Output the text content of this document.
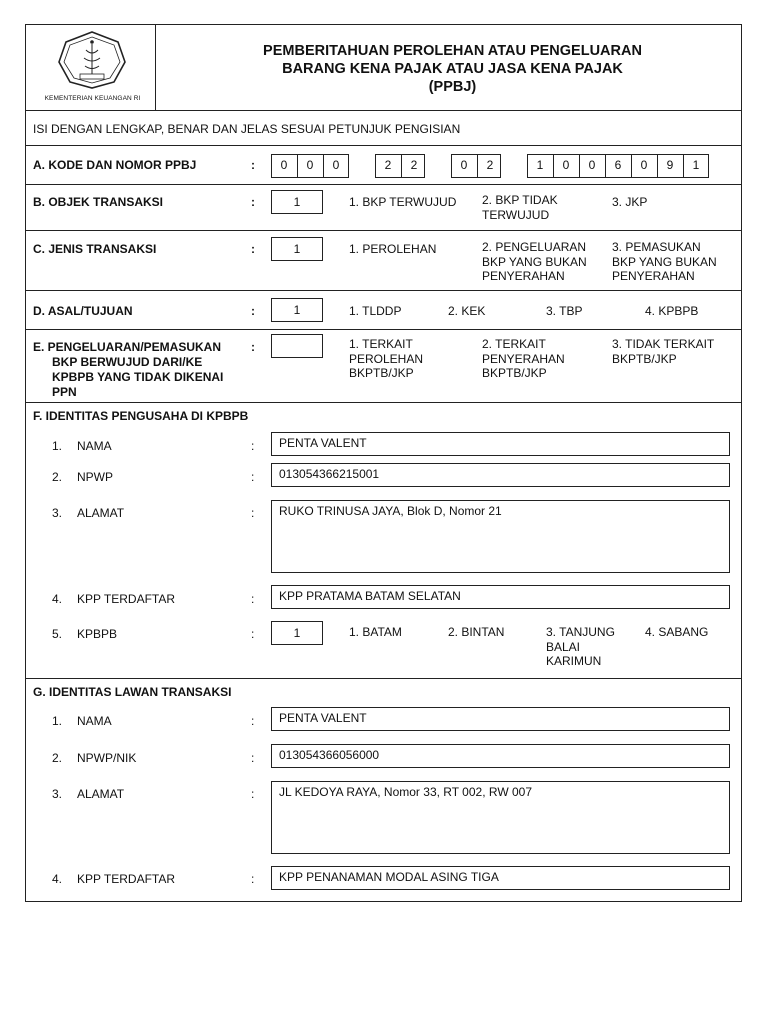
KEMENTERIAN KEUANGAN RI
PEMBERITAHUAN PEROLEHAN ATAU PENGELUARAN
BARANG KENA PAJAK ATAU JASA KENA PAJAK
(PPBJ)
ISI DENGAN LENGKAP, BENAR DAN JELAS SESUAI PETUNJUK PENGISIAN
A. KODE DAN NOMOR PPBJ	:	0	0	0	2	2	0	2	1	0	0	6	0	9	1
B. OBJEK TRANSAKSI	:	1	1. BKP TERWUJUD 2. BKP TIDAK
TERWUJUD
3. JKP
C. JENIS TRANSAKSI	:	1	1. PEROLEHAN	2. PENGELUARAN
BKP YANG BUKAN
PENYERAHAN
3. PEMASUKAN
BKP YANG BUKAN
PENYERAHAN
D. ASAL/TUJUAN	:	1	1. TLDDP	2. KEK	3. TBP	4. KPBPB
E. PENGELUARAN/PEMASUKAN
BKP BERWUJUD DARI/KE
KPBPB YANG TIDAK DIKENAI
PPN
:	1. TERKAIT
PEROLEHAN
BKPTB/JKP
2. TERKAIT
PENYERAHAN
BKPTB/JKP
3. TIDAK TERKAIT
BKPTB/JKP
F. IDENTITAS PENGUSAHA DI KPBPB
1. NAMA	:	PENTA VALENT
2. NPWP	:	013054366215001
3. ALAMAT	:	RUKO TRINUSA JAYA, Blok D, Nomor 21
4. KPP TERDAFTAR	:	KPP PRATAMA BATAM SELATAN
5. KPBPB	:	1	1. BATAM	2. BINTAN	3. TANJUNG
BALAI
KARIMUN
4. SABANG
G. IDENTITAS LAWAN TRANSAKSI
1. NAMA	:	PENTA VALENT
2. NPWP/NIK	:	013054366056000
3. ALAMAT	:	JL KEDOYA RAYA, Nomor 33, RT 002, RW 007
4. KPP TERDAFTAR	:	KPP PENANAMAN MODAL ASING TIGA
